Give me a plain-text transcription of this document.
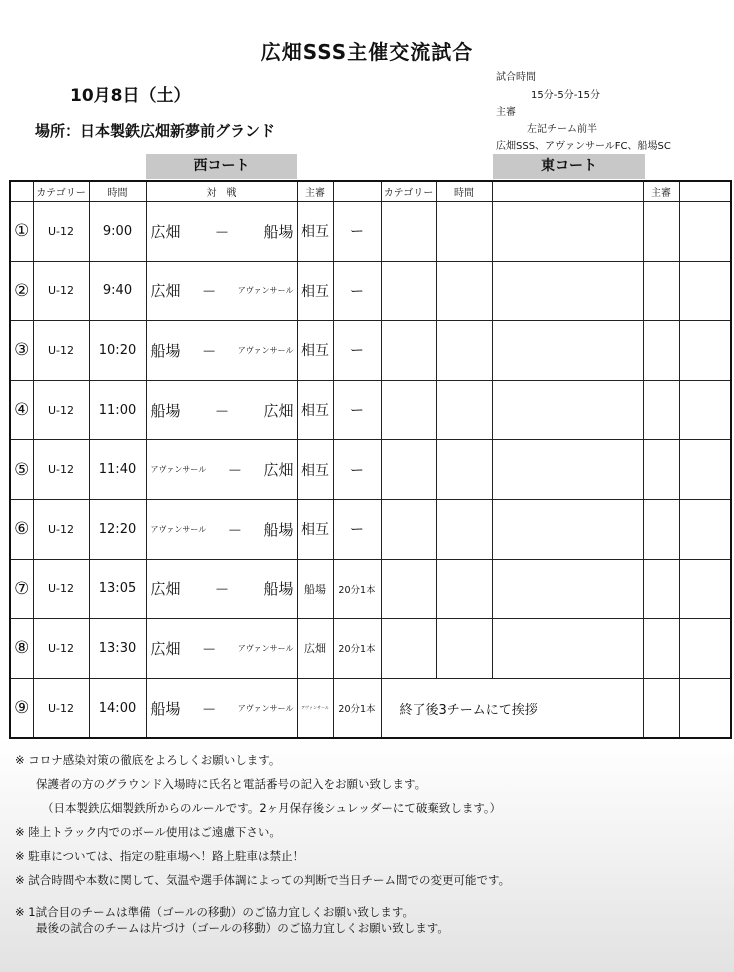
広畑SSS主催交流試合
10月8日（土）
場所：日本製鉄広畑新夢前グランド
試合時間
15分-5分-15分
主審
左記チーム前半
広畑SSS、アヴァンサールFC、船場SC
西コート	東コート
	カテゴリー	時間	対　戦	主審		カテゴリー	時間		主審	
①	U-12	9:00	広畑 ― 船場	相互	ー					
②	U-12	9:40	広畑 ― アヴァンサール	相互	ー					
③	U-12	10:20	船場 ― アヴァンサール	相互	ー					
④	U-12	11:00	船場 ― 広畑	相互	ー					
⑤	U-12	11:40	アヴァンサール ― 広畑	相互	ー					
⑥	U-12	12:20	アヴァンサール ― 船場	相互	ー					
⑦	U-12	13:05	広畑 ― 船場	船場	20分1本					
⑧	U-12	13:30	広畑 ― アヴァンサール	広畑	20分1本					
⑨	U-12	14:00	船場 ― アヴァンサール	アヴァンサール	20分1本	終了後3チームにて挨拶				
※ コロナ感染対策の徹底をよろしくお願いします。
保護者の方のグラウンド入場時に氏名と電話番号の記入をお願い致します。
（日本製鉄広畑製鉄所からのルールです。2ヶ月保存後シュレッダーにて破棄致します。）
※ 陸上トラック内でのボール使用はご遠慮下さい。
※ 駐車については、指定の駐車場へ！路上駐車は禁止！
※ 試合時間や本数に関して、気温や選手体調によっての判断で当日チーム間での変更可能です。
※ 1試合目のチームは準備（ゴールの移動）のご協力宜しくお願い致します。
最後の試合のチームは片づけ（ゴールの移動）のご協力宜しくお願い致します。
